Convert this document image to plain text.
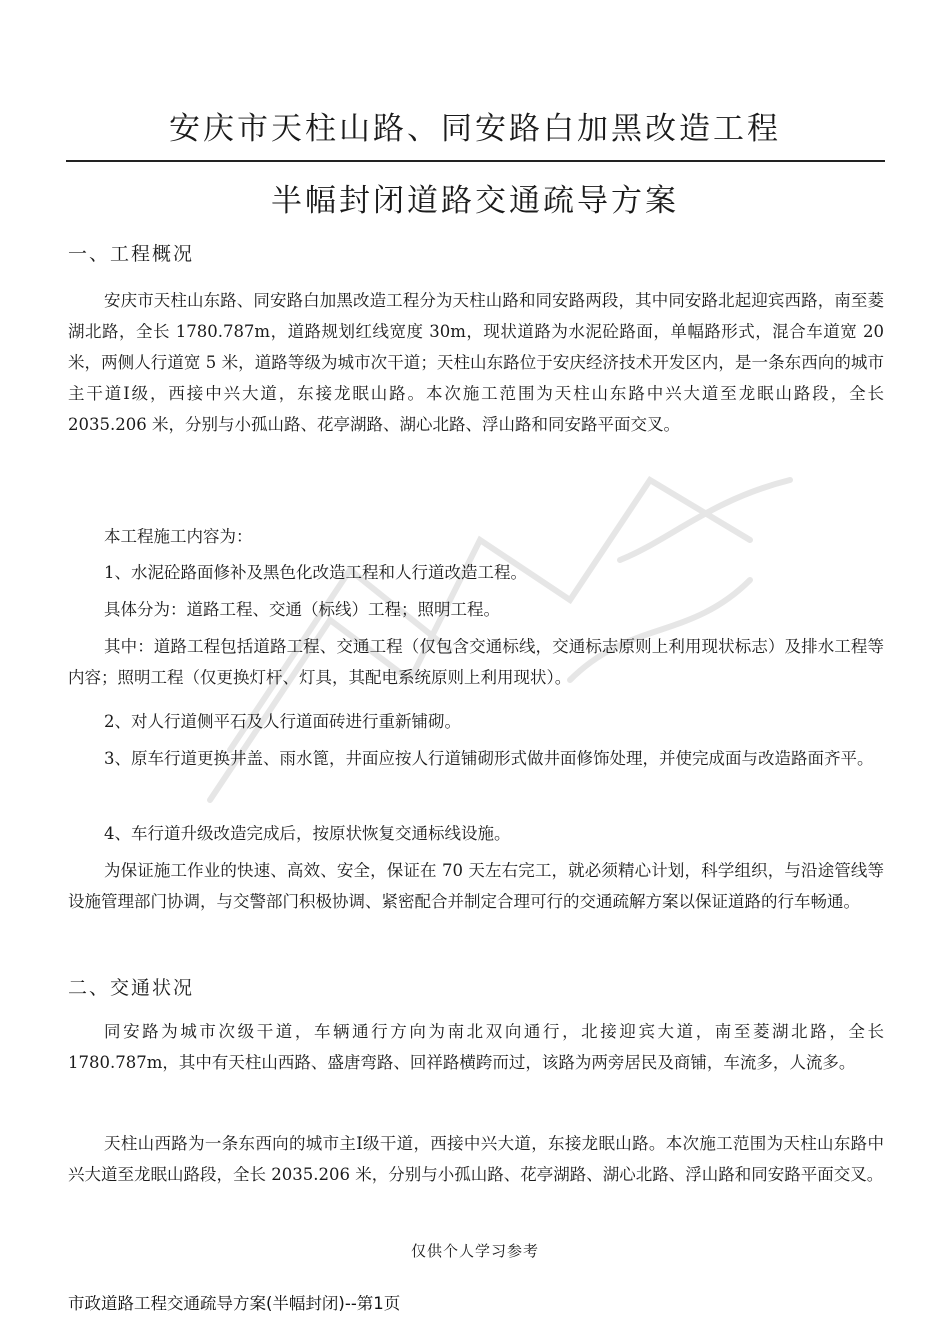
安庆市天柱山路、同安路白加黑改造工程
半幅封闭道路交通疏导方案
一、工程概况
安庆市天柱山东路、同安路白加黑改造工程分为天柱山路和同安路两段，其中同安路北起迎宾西路，南至菱湖北路，全长 1780.787m，道路规划红线宽度 30m，现状道路为水泥砼路面，单幅路形式，混合车道宽 20 米，两侧人行道宽 5 米，道路等级为城市次干道；天柱山东路位于安庆经济技术开发区内，是一条东西向的城市主干道Ⅰ级，西接中兴大道，东接龙眠山路。本次施工范围为天柱山东路中兴大道至龙眠山路段，全长 2035.206 米，分别与小孤山路、花亭湖路、湖心北路、浮山路和同安路平面交叉。
本工程施工内容为：
1、水泥砼路面修补及黑色化改造工程和人行道改造工程。
具体分为：道路工程、交通（标线）工程；照明工程。
其中：道路工程包括道路工程、交通工程（仅包含交通标线，交通标志原则上利用现状标志）及排水工程等内容；照明工程（仅更换灯杆、灯具，其配电系统原则上利用现状）。
2、对人行道侧平石及人行道面砖进行重新铺砌。
3、原车行道更换井盖、雨水篦，井面应按人行道铺砌形式做井面修饰处理，并使完成面与改造路面齐平。
4、车行道升级改造完成后，按原状恢复交通标线设施。
为保证施工作业的快速、高效、安全，保证在 70 天左右完工，就必须精心计划，科学组织，与沿途管线等设施管理部门协调，与交警部门积极协调、紧密配合并制定合理可行的交通疏解方案以保证道路的行车畅通。
二、交通状况
同安路为城市次级干道，车辆通行方向为南北双向通行，北接迎宾大道，南至菱湖北路，全长 1780.787m，其中有天柱山西路、盛唐弯路、回祥路横跨而过，该路为两旁居民及商铺，车流多，人流多。
天柱山西路为一条东西向的城市主Ⅰ级干道，西接中兴大道，东接龙眠山路。本次施工范围为天柱山东路中兴大道至龙眠山路段，全长 2035.206 米，分别与小孤山路、花亭湖路、湖心北路、浮山路和同安路平面交叉。
仅供个人学习参考
市政道路工程交通疏导方案(半幅封闭)--第1页
